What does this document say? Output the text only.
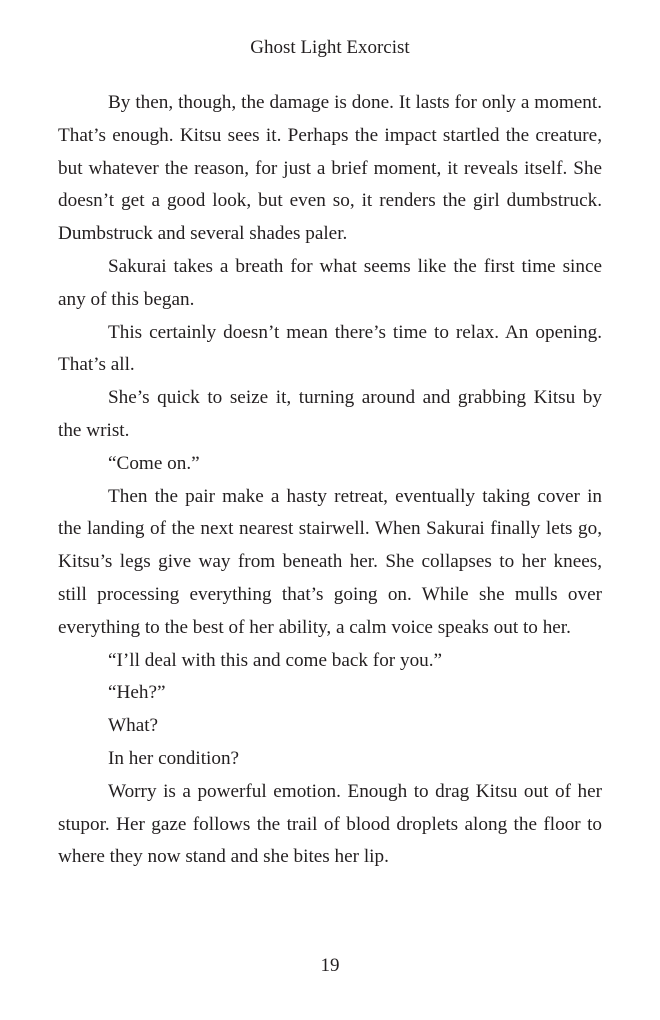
Ghost Light Exorcist

By then, though, the damage is done. It lasts for only a moment. That’s enough. Kitsu sees it. Perhaps the impact startled the creature, but whatever the reason, for just a brief moment, it reveals itself. She doesn’t get a good look, but even so, it renders the girl dumbstruck. Dumbstruck and several shades paler.

Sakurai takes a breath for what seems like the first time since any of this began.

This certainly doesn’t mean there’s time to relax. An opening. That’s all.

She’s quick to seize it, turning around and grabbing Kitsu by the wrist.

“Come on.”

Then the pair make a hasty retreat, eventually taking cover in the landing of the next nearest stairwell. When Sakurai finally lets go, Kitsu’s legs give way from beneath her. She collapses to her knees, still processing everything that’s going on. While she mulls over everything to the best of her ability, a calm voice speaks out to her.

“I’ll deal with this and come back for you.”

“Heh?”

What?

In her condition?

Worry is a powerful emotion. Enough to drag Kitsu out of her stupor. Her gaze follows the trail of blood droplets along the floor to where they now stand and she bites her lip.

19
